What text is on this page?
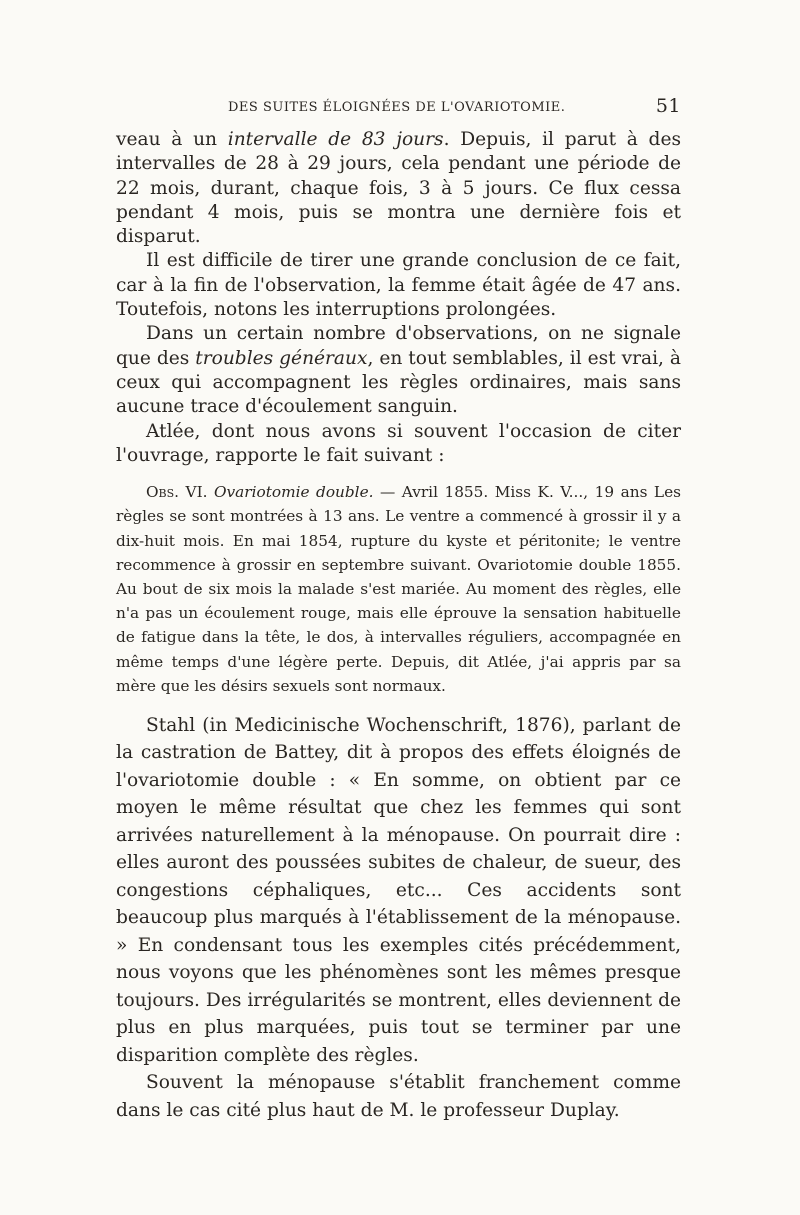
DES SUITES ÉLOIGNÉES DE L'OVARIOTOMIE.	51

veau à un intervalle de 83 jours. Depuis, il parut à des intervalles de 28 à 29 jours, cela pendant une période de 22 mois, durant, chaque fois, 3 à 5 jours. Ce flux cessa pendant 4 mois, puis se montra une dernière fois et disparut.

Il est difficile de tirer une grande conclusion de ce fait, car à la fin de l'observation, la femme était âgée de 47 ans. Toutefois, notons les interruptions prolongées.

Dans un certain nombre d'observations, on ne signale que des troubles généraux, en tout semblables, il est vrai, à ceux qui accompagnent les règles ordinaires, mais sans aucune trace d'écoulement sanguin.

Atlée, dont nous avons si souvent l'occasion de citer l'ouvrage, rapporte le fait suivant :

Obs. VI. Ovariotomie double. — Avril 1855. Miss K. V..., 19 ans Les règles se sont montrées à 13 ans. Le ventre a commencé à grossir il y a dix-huit mois. En mai 1854, rupture du kyste et péritonite; le ventre recommence à grossir en septembre suivant. Ovariotomie double 1855. Au bout de six mois la malade s'est mariée. Au moment des règles, elle n'a pas un écoulement rouge, mais elle éprouve la sensation habituelle de fatigue dans la tête, le dos, à intervalles réguliers, accompagnée en même temps d'une légère perte. Depuis, dit Atlée, j'ai appris par sa mère que les désirs sexuels sont normaux.

Stahl (in Medicinische Wochenschrift, 1876), parlant de la castration de Battey, dit à propos des effets éloignés de l'ovariotomie double : « En somme, on obtient par ce moyen le même résultat que chez les femmes qui sont arrivées naturellement à la ménopause. On pourrait dire : elles auront des poussées subites de chaleur, de sueur, des congestions céphaliques, etc... Ces accidents sont beaucoup plus marqués à l'établissement de la ménopause. » En condensant tous les exemples cités précédemment, nous voyons que les phénomènes sont les mêmes presque toujours. Des irrégularités se montrent, elles deviennent de plus en plus marquées, puis tout se terminer par une disparition complète des règles.

Souvent la ménopause s'établit franchement comme dans le cas cité plus haut de M. le professeur Duplay.
